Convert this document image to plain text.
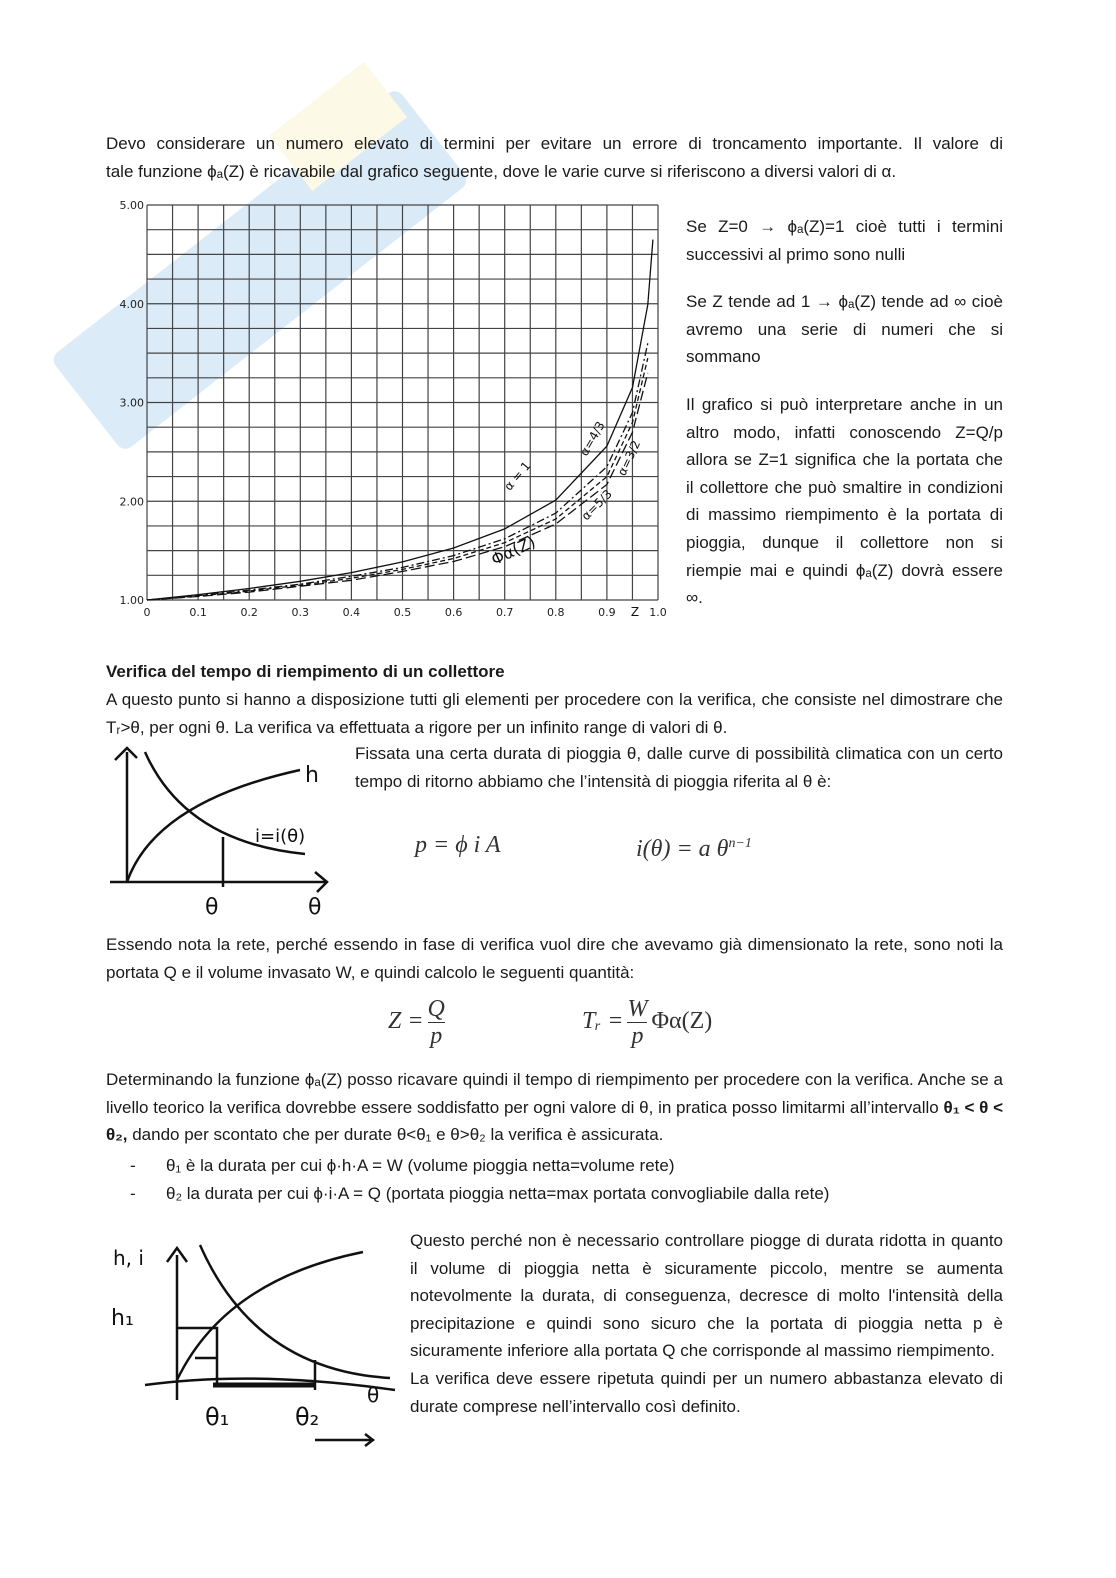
Devo considerare un numero elevato di termini per evitare un errore di troncamento importante. Il valore di
tale funzione ϕₐ(Z) è ricavabile dal grafico seguente, dove le varie curve si riferiscono a diversi valori di α.
0	0.1	0.2	0.3	0.4	0.5	0.6	0.7	0.8	0.9	1.0
1.00
2.00
3.00
4.00
5.00
α = 1
α=4/3 α=3/2
α=5/3
Φα(Z)
Z

Se Z=0 → ϕₐ(Z)=1 cioè tutti i termini successivi al primo sono nulli

Se Z tende ad 1 → ϕₐ(Z) tende ad ∞ cioè avremo una serie di numeri che si sommano

Il grafico si può interpretare anche in un altro modo, infatti conoscendo Z=Q/p allora se Z=1 significa che la portata che il collettore che può smaltire in condizioni di massimo riempimento è la portata di pioggia, dunque il collettore non si riempie mai e quindi ϕₐ(Z) dovrà essere ∞.

Verifica del tempo di riempimento di un collettore

A questo punto si hanno a disposizione tutti gli elementi per procedere con la verifica, che consiste nel dimostrare che Tᵣ>θ, per ogni θ. La verifica va effettuata a rigore per un infinito range di valori di θ.

h
i=i(θ)
θ	θ

Fissata una certa durata di pioggia θ, dalle curve di possibilità climatica con un certo tempo di ritorno abbiamo che l’intensità di pioggia riferita al θ è:

p = ϕ i A	i(θ) = a $\theta^{n-1}$

Essendo nota la rete, perché essendo in fase di verifica vuol dire che avevamo già dimensionato la rete, sono noti la portata Q e il volume invasato W, e quindi calcolo le seguenti quantità:

$Z = \frac{Q}{p}$	Tᵣ = $\frac{W}{p} \Phi\alpha(Z)$

Determinando la funzione ϕₐ(Z) posso ricavare quindi il tempo di riempimento per procedere con la verifica. Anche se a livello teorico la verifica dovrebbe essere soddisfatto per ogni valore di θ, in pratica posso limitarmi all’intervallo θ₁ < θ < θ₂, dando per scontato che per durate θ<θ₁ e θ>θ₂ la verifica è assicurata.

- θ₁ è la durata per cui ϕ·h·A = W (volume pioggia netta=volume rete)
- θ₂ la durata per cui ϕ·i·A = Q (portata pioggia netta=max portata convogliabile dalla rete)
h, i
h₁
θ₁	θ₂
θ

Questo perché non è necessario controllare piogge di durata ridotta in quanto il volume di pioggia netta è sicuramente piccolo, mentre se aumenta notevolmente la durata, di conseguenza, decresce di molto l'intensità della precipitazione e quindi sono sicuro che la portata di pioggia netta p è sicuramente inferiore alla portata Q che corrisponde al massimo riempimento.

La verifica deve essere ripetuta quindi per un numero abbastanza elevato di durate comprese nell’intervallo così definito.
